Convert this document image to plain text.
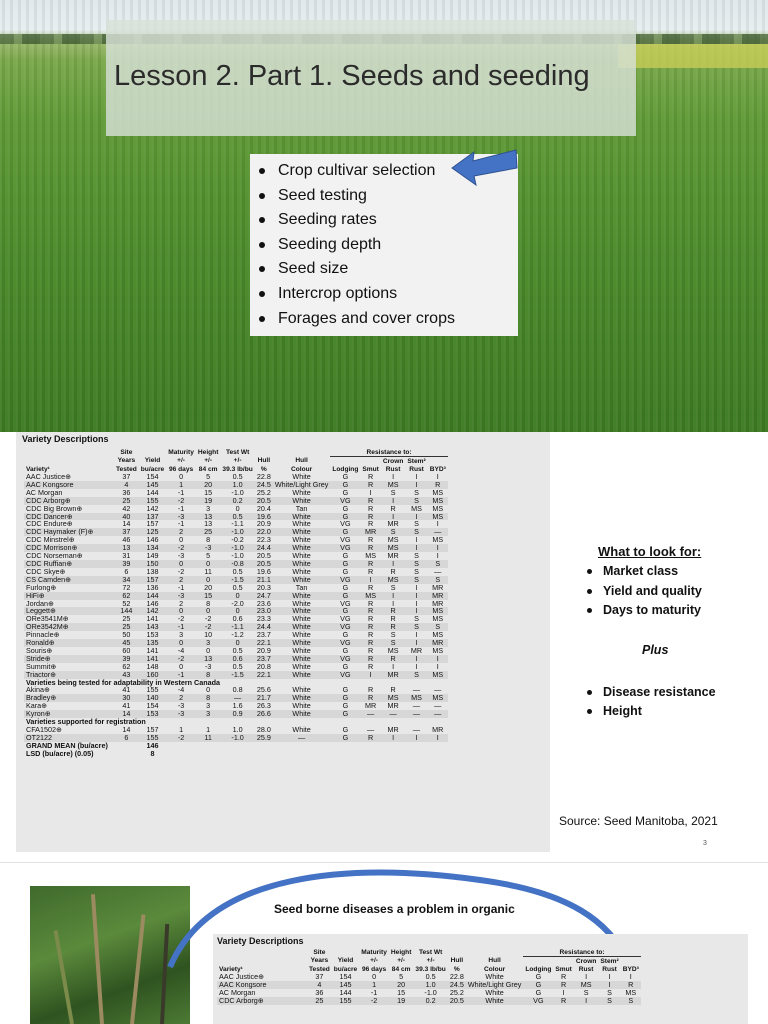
Lesson 2. Part 1. Seeds and seeding
Crop cultivar selection
Seed testing
Seeding rates
Seeding depth
Seed size
Intercrop options
Forages and cover crops
Variety Descriptions
	Site		Maturity	Height	Test Wt			Resistance to:				
	Years	Yield	+/-	+/-	+/-	Hull	Hull			Crown	Stem²	
Variety¹	Tested	bu/acre	96 days	84 cm	39.3 lb/bu	%	Colour	Lodging	Smut	Rust	Rust	BYD³
AAC Justice⊕	37	154	0	5	0.5	22.8	White	G	R	I	I	I
AAC Kongsore	4	145	1	20	1.0	24.5	White/Light Grey	G	R	MS	I	R
AC Morgan	36	144	-1	15	-1.0	25.2	White	G	I	S	S	MS
CDC Arborg⊕	25	155	-2	19	0.2	20.5	White	VG	R	I	S	MS
CDC Big Brown⊕	42	142	-1	3	0	20.4	Tan	G	R	R	MS	MS
CDC Dancer⊕	40	137	-3	13	0.5	19.6	White	G	R	I	I	MS
CDC Endure⊕	14	157	-1	13	-1.1	20.9	White	VG	R	MR	S	I
CDC Haymaker (F)⊕	37	125	2	25	-1.0	22.0	White	G	MR	S	S	—
CDC Minstrel⊕	46	146	0	8	-0.2	22.3	White	VG	R	MS	I	MS
CDC Morrison⊕	13	134	-2	-3	-1.0	24.4	White	VG	R	MS	I	I
CDC Norseman⊕	31	149	-3	5	-1.0	20.5	White	G	MS	MR	S	I
CDC Ruffian⊕	39	150	0	0	-0.8	20.5	White	G	R	I	S	S
CDC Skye⊕	6	138	-2	11	0.5	19.6	White	G	R	R	S	—
CS Camden⊕	34	157	2	0	-1.5	21.1	White	VG	I	MS	S	S
Furlong⊕	72	136	-1	20	0.5	20.3	Tan	G	R	S	I	MR
HiFi⊕	62	144	-3	15	0	24.7	White	G	MS	I	I	MR
Jordan⊕	52	146	2	8	-2.0	23.6	White	VG	R	I	I	MR
Leggett⊕	144	142	0	0	0	23.0	White	G	R	R	I	MS
ORe3541M⊕	25	141	-2	-2	0.6	23.3	White	VG	R	R	S	MS
ORe3542M⊕	25	143	-1	-2	-1.1	24.4	White	VG	R	R	S	S
Pinnacle⊕	50	153	3	10	-1.2	23.7	White	G	R	S	I	MS
Ronald⊕	45	135	0	3	0	22.1	White	VG	R	S	I	MR
Souris⊕	60	141	-4	0	0.5	20.9	White	G	R	MS	MR	MS
Stride⊕	39	141	-2	13	0.6	23.7	White	VG	R	R	I	I
Summit⊕	62	148	0	-3	0.5	20.8	White	G	R	I	I	I
Triactor⊕	43	160	-1	8	-1.5	22.1	White	VG	I	MR	S	MS
Varieties being tested for adaptability in Western Canada												
Akina⊕	41	155	-4	0	0.8	25.6	White	G	R	R	—	—
Bradley⊕	30	140	2	8	—	21.7	White	G	R	MS	MS	MS
Kara⊕	41	154	-3	3	1.6	26.3	White	G	MR	MR	—	—
Kyron⊕	14	153	-3	3	0.9	26.6	White	G	—	—	—	—
Varieties supported for registration												
CFA1502⊕	14	157	1	1	1.0	28.0	White	G	—	MR	—	MR
OT2122	6	155	-2	11	-1.0	25.9	—	G	R	I	I	I
GRAND MEAN (bu/acre)		146										
LSD (bu/acre) (0.05)		8										
What to look for:
Market class
Yield and quality
Days to maturity
Plus
Disease resistance
Height
Source: Seed Manitoba, 2021
3
Seed borne diseases a problem in organic
Variety Descriptions
	Site		Maturity	Height	Test Wt			Resistance to:				
	Years	Yield	+/-	+/-	+/-	Hull	Hull			Crown	Stem²	
Variety¹	Tested	bu/acre	96 days	84 cm	39.3 lb/bu	%	Colour	Lodging	Smut	Rust	Rust	BYD³
AAC Justice⊕	37	154	0	5	0.5	22.8	White	G	R	I	I	I
AAC Kongsore	4	145	1	20	1.0	24.5	White/Light Grey	G	R	MS	I	R
AC Morgan	36	144	-1	15	-1.0	25.2	White	G	I	S	S	MS
CDC Arborg⊕	25	155	-2	19	0.2	20.5	White	VG	R	I	S	S
